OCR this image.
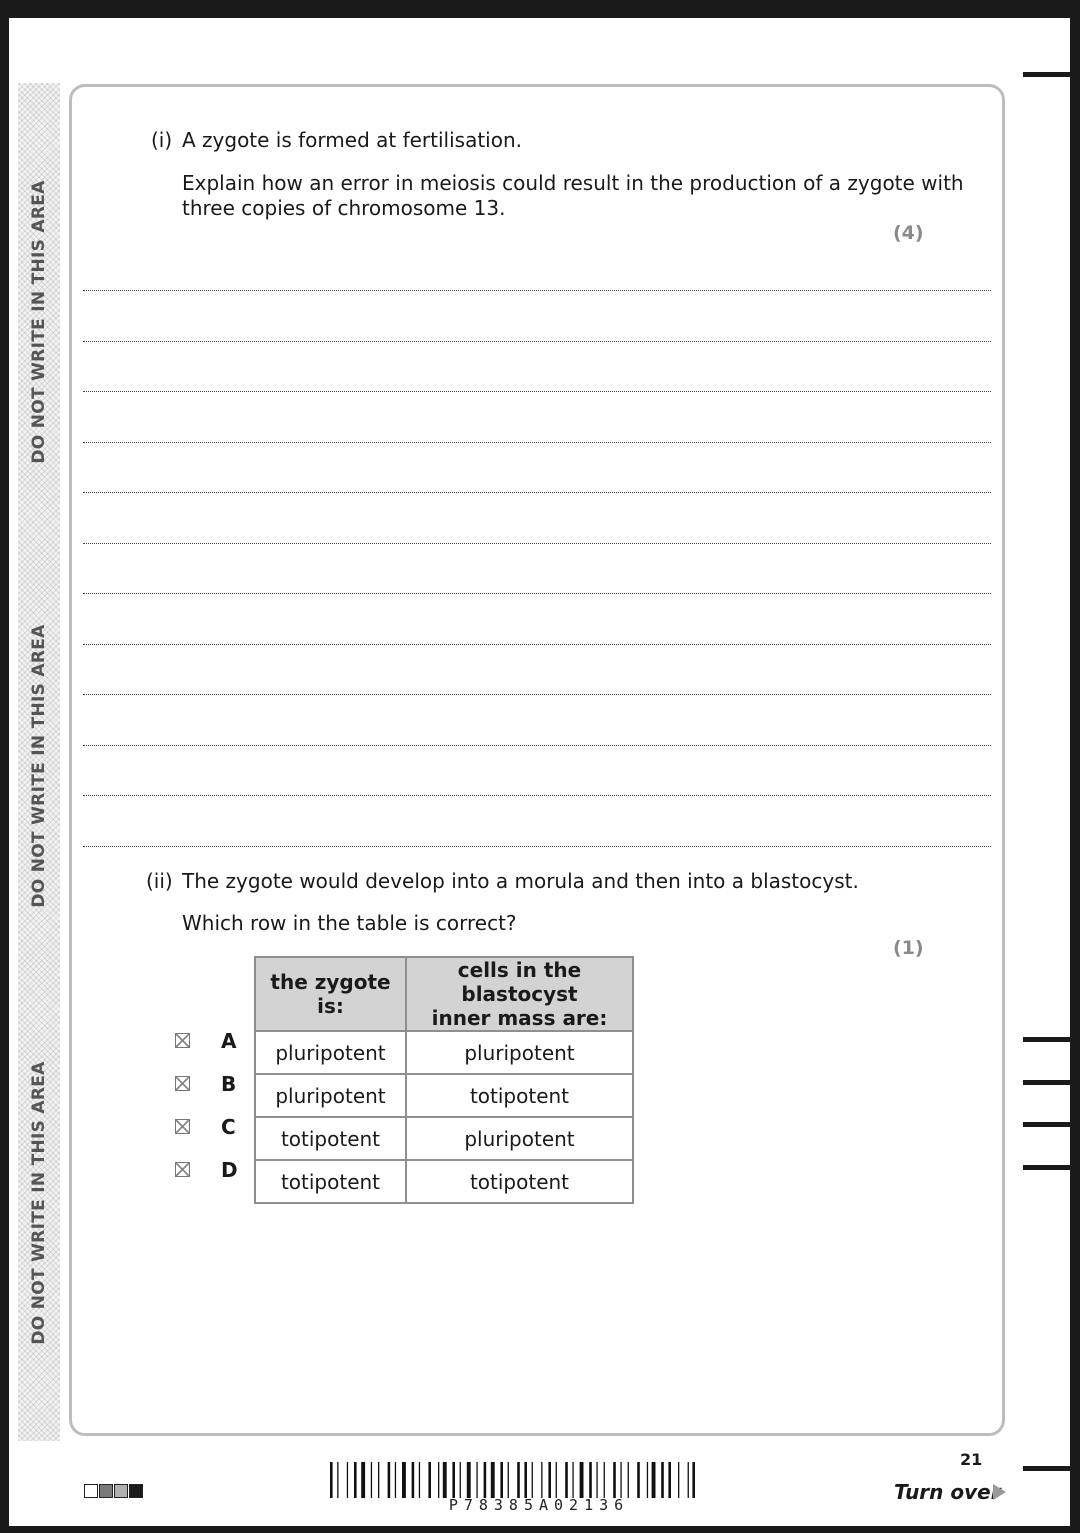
DO NOT WRITE IN THIS AREA
DO NOT WRITE IN THIS AREA
DO NOT WRITE IN THIS AREA
(i) A zygote is formed at fertilisation.
Explain how an error in meiosis could result in the production of a zygote with
three copies of chromosome 13.
(4)
(ii) The zygote would develop into a morula and then into a blastocyst.
Which row in the table is correct?
(1)
the zygote is:	cells in the blastocyst
inner mass are:
pluripotent	pluripotent
pluripotent	totipotent
totipotent	pluripotent
totipotent	totipotent
A
B
C
D
P78385A02136
21
Turn over
